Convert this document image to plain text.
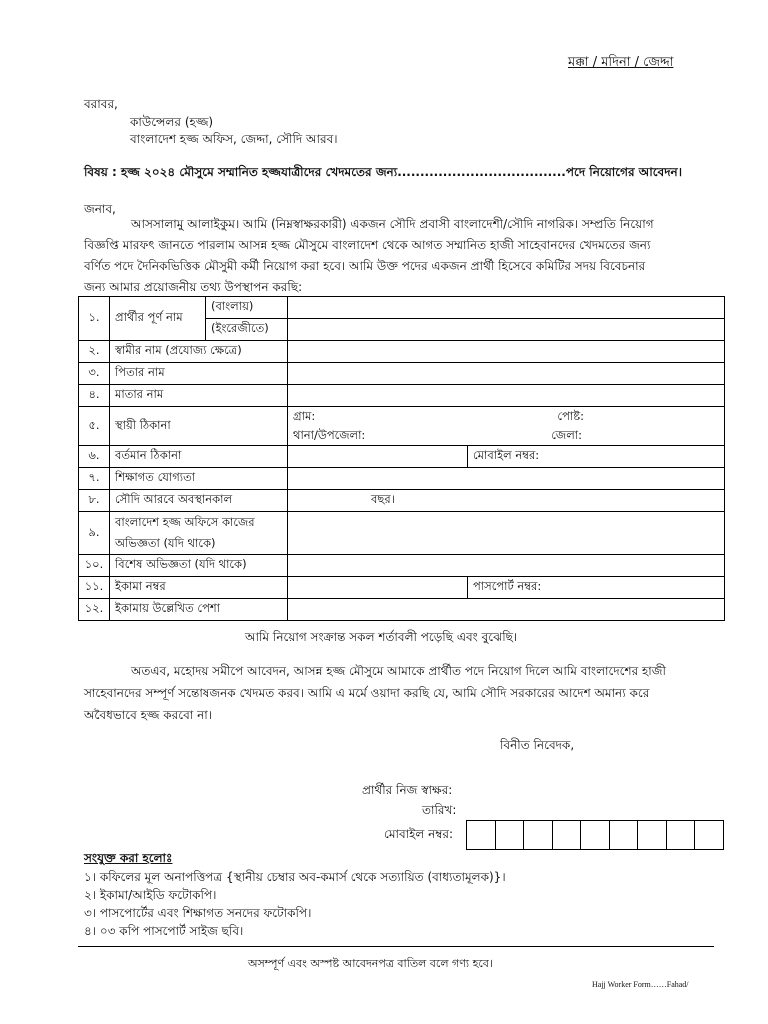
মক্কা / মদিনা / জেদ্দা
বরাবর,
কাউন্সেলর (হজ্জ)
বাংলাদেশ হজ্জ অফিস, জেদ্দা, সৌদি আরব।
বিষয় : হজ্জ ২০২৪ মৌসুমে সম্মানিত হজ্জযাত্রীদের খেদমতের জন্য.....................................পদে নিয়োগের আবেদন।
জনাব,
আসসালামু আলাইকুম। আমি (নিম্নস্বাক্ষরকারী) একজন সৌদি প্রবাসী বাংলাদেশী/সৌদি নাগরিক। সম্প্রতি নিয়োগ
বিজ্ঞপ্তি মারফৎ জানতে পারলাম আসন্ন হজ্জ মৌসুমে বাংলাদেশ থেকে আগত সম্মানিত হাজী সাহেবানদের খেদমতের জন্য
বর্ণিত পদে দৈনিকভিত্তিক মৌসুমী কর্মী নিয়োগ করা হবে। আমি উক্ত পদের একজন প্রার্থী হিসেবে কমিটির সদয় বিবেচনার
জন্য আমার প্রয়োজনীয় তথ্য উপস্থাপন করছি:
১.	প্রার্থীর পূর্ণ নাম	(বাংলায়)		
		(ইংরেজীতে)		
২.	স্বামীর নাম (প্রযোজ্য ক্ষেত্রে)			
৩.	পিতার নাম			
৪.	মাতার নাম			
৫.	স্থায়ী ঠিকানা		গ্রাম: পোষ্ট:
থানা/উপজেলা: জেলা:	

৬.	বর্তমান ঠিকানা			মোবাইল নম্বর:
৭.	শিক্ষাগত যোগ্যতা			
৮.	সৌদি আরবে অবস্থানকাল		বছর।	
৯.	বাংলাদেশ হজ্জ অফিসে কাজের
অভিজ্ঞতা (যদি থাকে)			

১০.	বিশেষ অভিজ্ঞতা (যদি থাকে)			
১১.	ইকামা নম্বর			পাসপোর্ট নম্বর:
১২.	ইকামায় উল্লেখিত পেশা			
আমি নিয়োগ সংক্রান্ত সকল শর্তাবলী পড়েছি এবং বুঝেছি।
অতএব, মহোদয় সমীপে আবেদন, আসন্ন হজ্জ মৌসুমে আমাকে প্রার্থীত পদে নিয়োগ দিলে আমি বাংলাদেশের হাজী
সাহেবানদের সম্পূর্ণ সন্তোষজনক খেদমত করব। আমি এ মর্মে ওয়াদা করছি যে, আমি সৌদি সরকারের আদেশ অমান্য করে
অবৈধভাবে হজ্জ করবো না।
বিনীত নিবেদক,
প্রার্থীর নিজ স্বাক্ষর:
তারিখ:
মোবাইল নম্বর:
সংযুক্ত করা হলোঃ
১। কফিলের মূল অনাপত্তিপত্র {স্থানীয় চেম্বার অব-কমার্স থেকে সত্যায়িত (বাধ্যতামূলক)}।
২। ইকামা/আইডি ফটোকপি।
৩। পাসপোর্টের এবং শিক্ষাগত সনদের ফটোকপি।
৪। ০৩ কপি পাসপোর্ট সাইজ ছবি।
অসম্পূর্ণ এবং অস্পষ্ট আবেদনপত্র বাতিল বলে গণ্য হবে।
Hajj Worker Form……Fahad/
